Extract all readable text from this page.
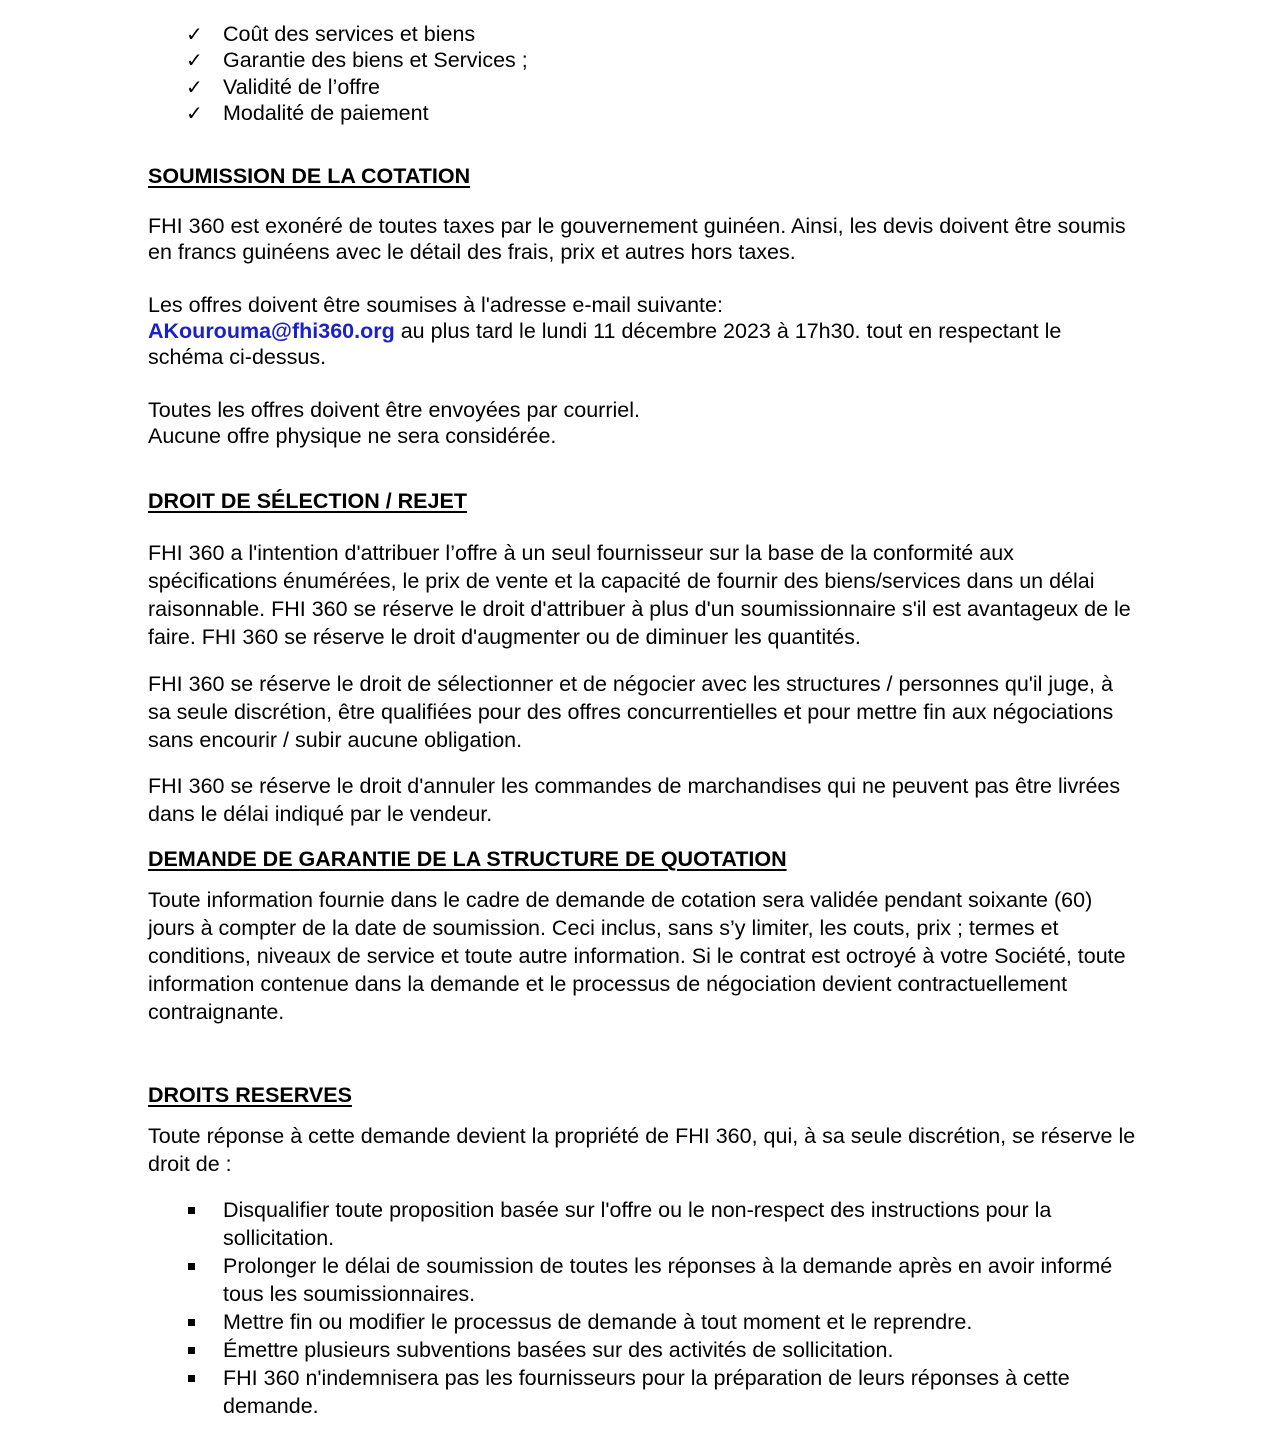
✓ Coût des services et biens
✓ Garantie des biens et Services ;
✓ Validité de l’offre
✓ Modalité de paiement
SOUMISSION DE LA COTATION

FHI 360 est exonéré de toutes taxes par le gouvernement guinéen. Ainsi, les devis doivent être soumis en francs guinéens avec le détail des frais, prix et autres hors taxes.

Les offres doivent être soumises à l'adresse e-mail suivante:
AKourouma@fhi360.org au plus tard le lundi 11 décembre 2023 à 17h30. tout en respectant le schéma ci-dessus.

Toutes les offres doivent être envoyées par courriel.
Aucune offre physique ne sera considérée.

DROIT DE SÉLECTION / REJET

FHI 360 a l'intention d'attribuer l’offre à un seul fournisseur sur la base de la conformité aux spécifications énumérées, le prix de vente et la capacité de fournir des biens/services dans un délai raisonnable. FHI 360 se réserve le droit d'attribuer à plus d'un soumissionnaire s'il est avantageux de le faire. FHI 360 se réserve le droit d'augmenter ou de diminuer les quantités.

FHI 360 se réserve le droit de sélectionner et de négocier avec les structures / personnes qu'il juge, à sa seule discrétion, être qualifiées pour des offres concurrentielles et pour mettre fin aux négociations sans encourir / subir aucune obligation.

FHI 360 se réserve le droit d'annuler les commandes de marchandises qui ne peuvent pas être livrées dans le délai indiqué par le vendeur.

DEMANDE DE GARANTIE DE LA STRUCTURE DE QUOTATION

Toute information fournie dans le cadre de demande de cotation sera validée pendant soixante (60) jours à compter de la date de soumission. Ceci inclus, sans s’y limiter, les couts, prix ; termes et conditions, niveaux de service et toute autre information. Si le contrat est octroyé à votre Société, toute information contenue dans la demande et le processus de négociation devient contractuellement contraignante.

DROITS RESERVES

Toute réponse à cette demande devient la propriété de FHI 360, qui, à sa seule discrétion, se réserve le droit de :

Disqualifier toute proposition basée sur l'offre ou le non-respect des instructions pour la sollicitation.
Prolonger le délai de soumission de toutes les réponses à la demande après en avoir informé tous les soumissionnaires.
Mettre fin ou modifier le processus de demande à tout moment et le reprendre.
Émettre plusieurs subventions basées sur des activités de sollicitation.
FHI 360 n'indemnisera pas les fournisseurs pour la préparation de leurs réponses à cette demande.
